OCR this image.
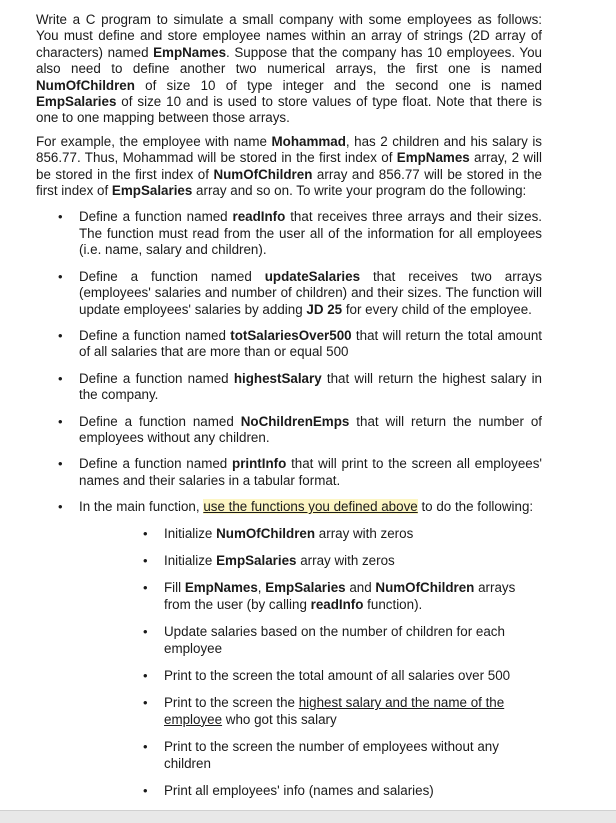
Write a C program to simulate a small company with some employees as follows: You must define and store employee names within an array of strings (2D array of characters) named EmpNames. Suppose that the company has 10 employees. You also need to define another two numerical arrays, the first one is named NumOfChildren of size 10 of type integer and the second one is named EmpSalaries of size 10 and is used to store values of type float. Note that there is one to one mapping between those arrays.

For example, the employee with name Mohammad, has 2 children and his salary is 856.77. Thus, Mohammad will be stored in the first index of EmpNames array, 2 will be stored in the first index of NumOfChildren array and 856.77 will be stored in the first index of EmpSalaries array and so on. To write your program do the following:

• Define a function named readInfo that receives three arrays and their sizes. The function must read from the user all of the information for all employees (i.e. name, salary and children).
• Define a function named updateSalaries that receives two arrays (employees' salaries and number of children) and their sizes. The function will update employees' salaries by adding JD 25 for every child of the employee.
• Define a function named totSalariesOver500 that will return the total amount of all salaries that are more than or equal 500
• Define a function named highestSalary that will return the highest salary in the company.
• Define a function named NoChildrenEmps that will return the number of employees without any children.
• Define a function named printInfo that will print to the screen all employees' names and their salaries in a tabular format.
• In the main function, use the functions you defined above to do the following:
• Initialize NumOfChildren array with zeros
• Initialize EmpSalaries array with zeros
• Fill EmpNames, EmpSalaries and NumOfChildren arrays from the user (by calling readInfo function).
• Update salaries based on the number of children for each employee
• Print to the screen the total amount of all salaries over 500
• Print to the screen the highest salary and the name of the employee who got this salary
• Print to the screen the number of employees without any children
• Print all employees' info (names and salaries)
